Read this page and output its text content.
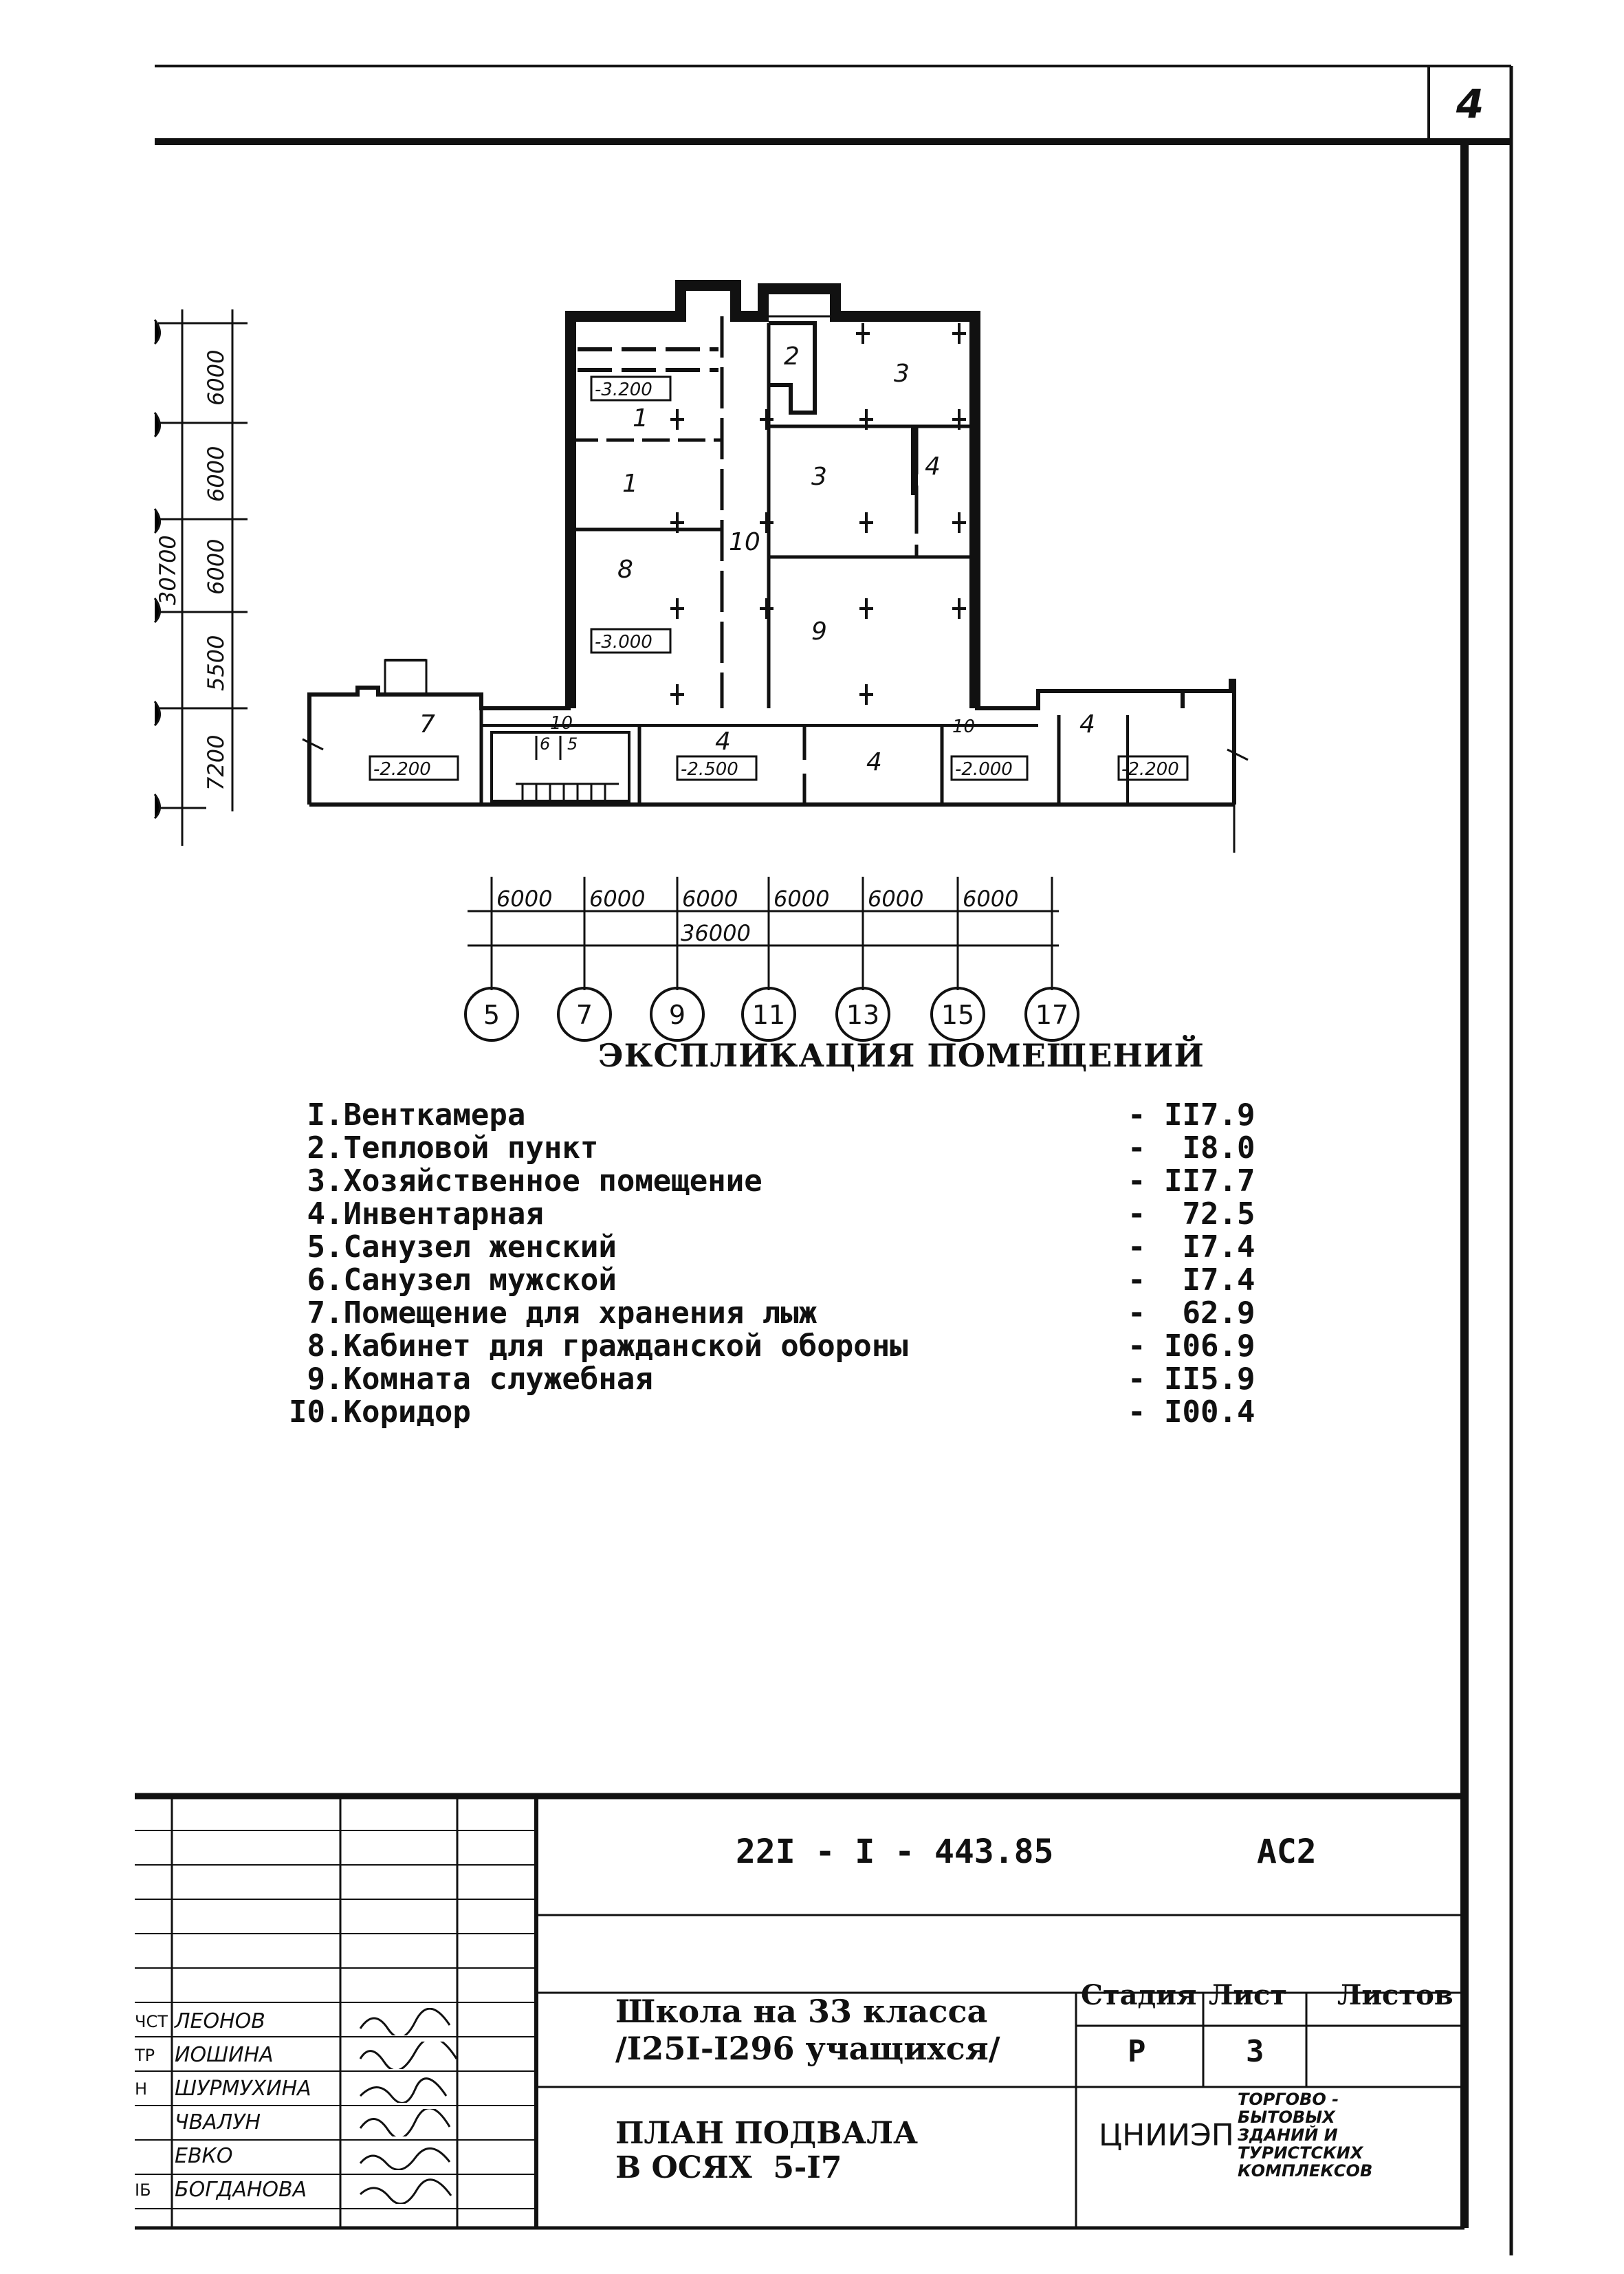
4
6000
6000
6000
5500
7200
30700
1
2
3
3	4
1
10
8
9
7	10
6 5	4
4
10	4
-3.200
-3.000
-2.200	-2.500	-2.000	-2.200
6000 6000 6000 6000 6000 6000
36000
5	7	9	11 13 15 17
ЭКСПЛИКАЦИЯ ПОМЕЩЕНИЙ
I.Венткамера	- II7.9
2.Тепловой пункт	-  I8.0
3.Хозяйственное помещение	- II7.7
4.Инвентарная	-  72.5
5.Санузел женский	-  I7.4
6.Санузел мужской	-  I7.4
7.Помещение для хранения лыж	-  62.9
8.Кабинет для гражданской обороны	- I06.9
9.Комната служебная	- II5.9
I0.Коридор	- I00.4
22I - I - 443.85	АС2
Школа на 33 класса
/I25I-I296 учащихся/
ПЛАН ПОДВАЛА
В ОСЯХ  5-I7
Стадия Лист Листов
Р	3
ЦНИИЭП
ТОРГОВО -
БЫТОВЫХ
ЗДАНИЙ И
ТУРИСТСКИХ
КОМПЛЕКСОВ
ЧСТ ЛЕОНОВ
ТР ИОШИНА
Н	ШУРМУХИНА
ЧВАЛУН
ЕВКО
ІБ	БОГДАНОВА
